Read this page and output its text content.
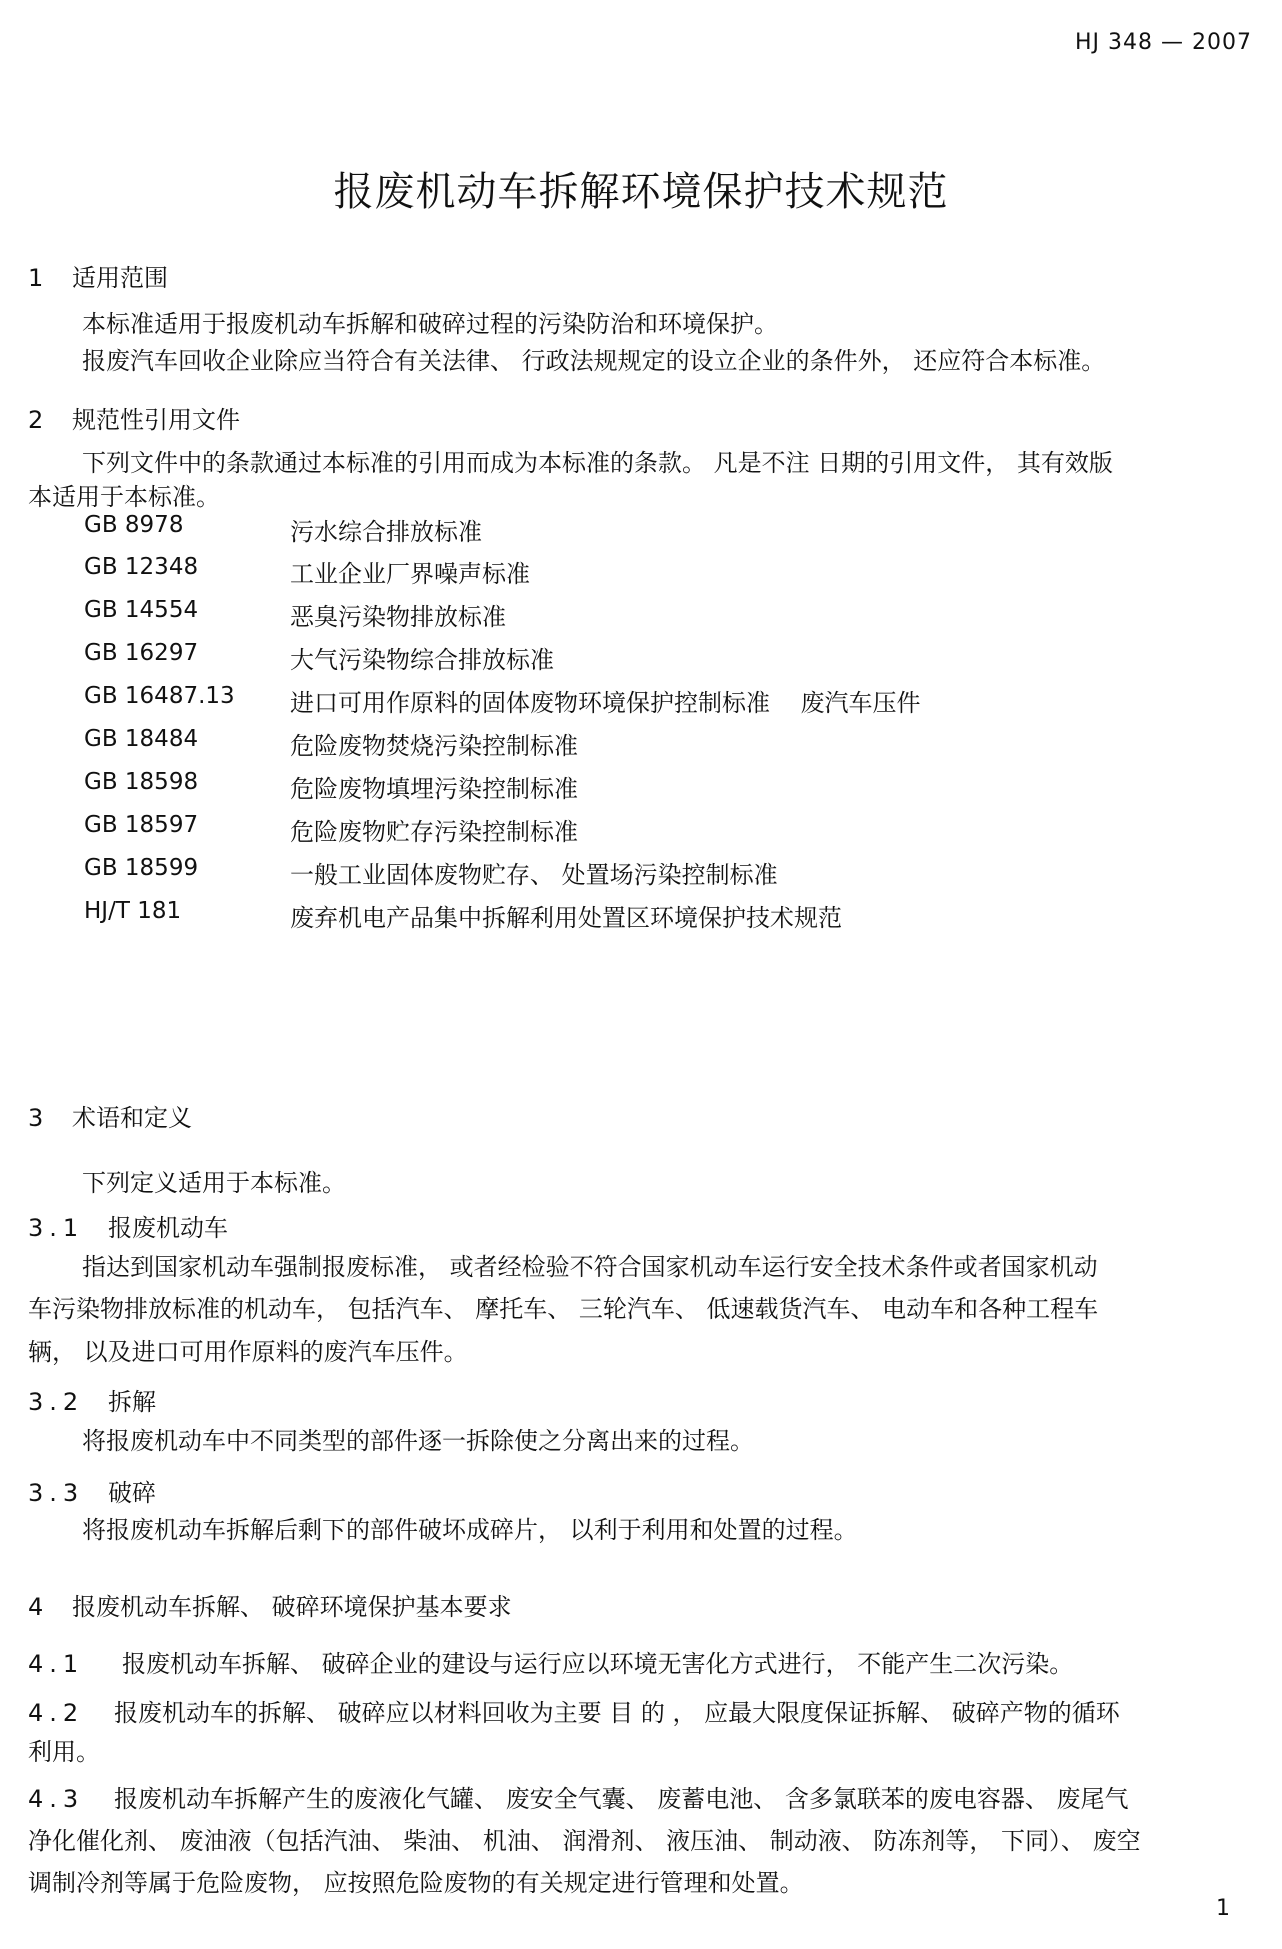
HJ 348 — 2007
报废机动车拆解环境保护技术规范
1 适用范围
本标准适用于报废机动车拆解和破碎过程的污染防治和环境保护。
报废汽车回收企业除应当符合有关法律、 行政法规规定的设立企业的条件外， 还应符合本标准。
2 规范性引用文件
下列文件中的条款通过本标准的引用而成为本标准的条款。 凡是不注 日期的引用文件， 其有效版
本适用于本标准。
GB 8978	污水综合排放标准
GB 12348	工业企业厂界噪声标准
GB 14554	恶臭污染物排放标准
GB 16297	大气污染物综合排放标准
GB 16487.13 进口可用作原料的固体废物环境保护控制标准    废汽车压件
GB 18484	危险废物焚烧污染控制标准
GB 18598	危险废物填埋污染控制标准
GB 18597	危险废物贮存污染控制标准
GB 18599	一般工业固体废物贮存、 处置场污染控制标准
HJ/T 181	废弃机电产品集中拆解利用处置区环境保护技术规范
3 术语和定义
下列定义适用于本标准。
3.1 报废机动车
指达到国家机动车强制报废标准， 或者经检验不符合国家机动车运行安全技术条件或者国家机动
车污染物排放标准的机动车， 包括汽车、 摩托车、 三轮汽车、 低速载货汽车、 电动车和各种工程车
辆， 以及进口可用作原料的废汽车压件。
3.2 拆解
将报废机动车中不同类型的部件逐一拆除使之分离出来的过程。
3.3 破碎
将报废机动车拆解后剩下的部件破坏成碎片， 以利于利用和处置的过程。
4 报废机动车拆解、 破碎环境保护基本要求
4.1 报废机动车拆解、 破碎企业的建设与运行应以环境无害化方式进行， 不能产生二次污染。
4.2 报废机动车的拆解、 破碎应以材料回收为主要 目 的 ， 应最大限度保证拆解、 破碎产物的循环
利用。
4.3 报废机动车拆解产生的废液化气罐、 废安全气囊、 废蓄电池、 含多氯联苯的废电容器、 废尾气
净化催化剂、 废油液（包括汽油、 柴油、 机油、 润滑剂、 液压油、 制动液、 防冻剂等， 下同）、 废空
调制冷剂等属于危险废物， 应按照危险废物的有关规定进行管理和处置。
1
